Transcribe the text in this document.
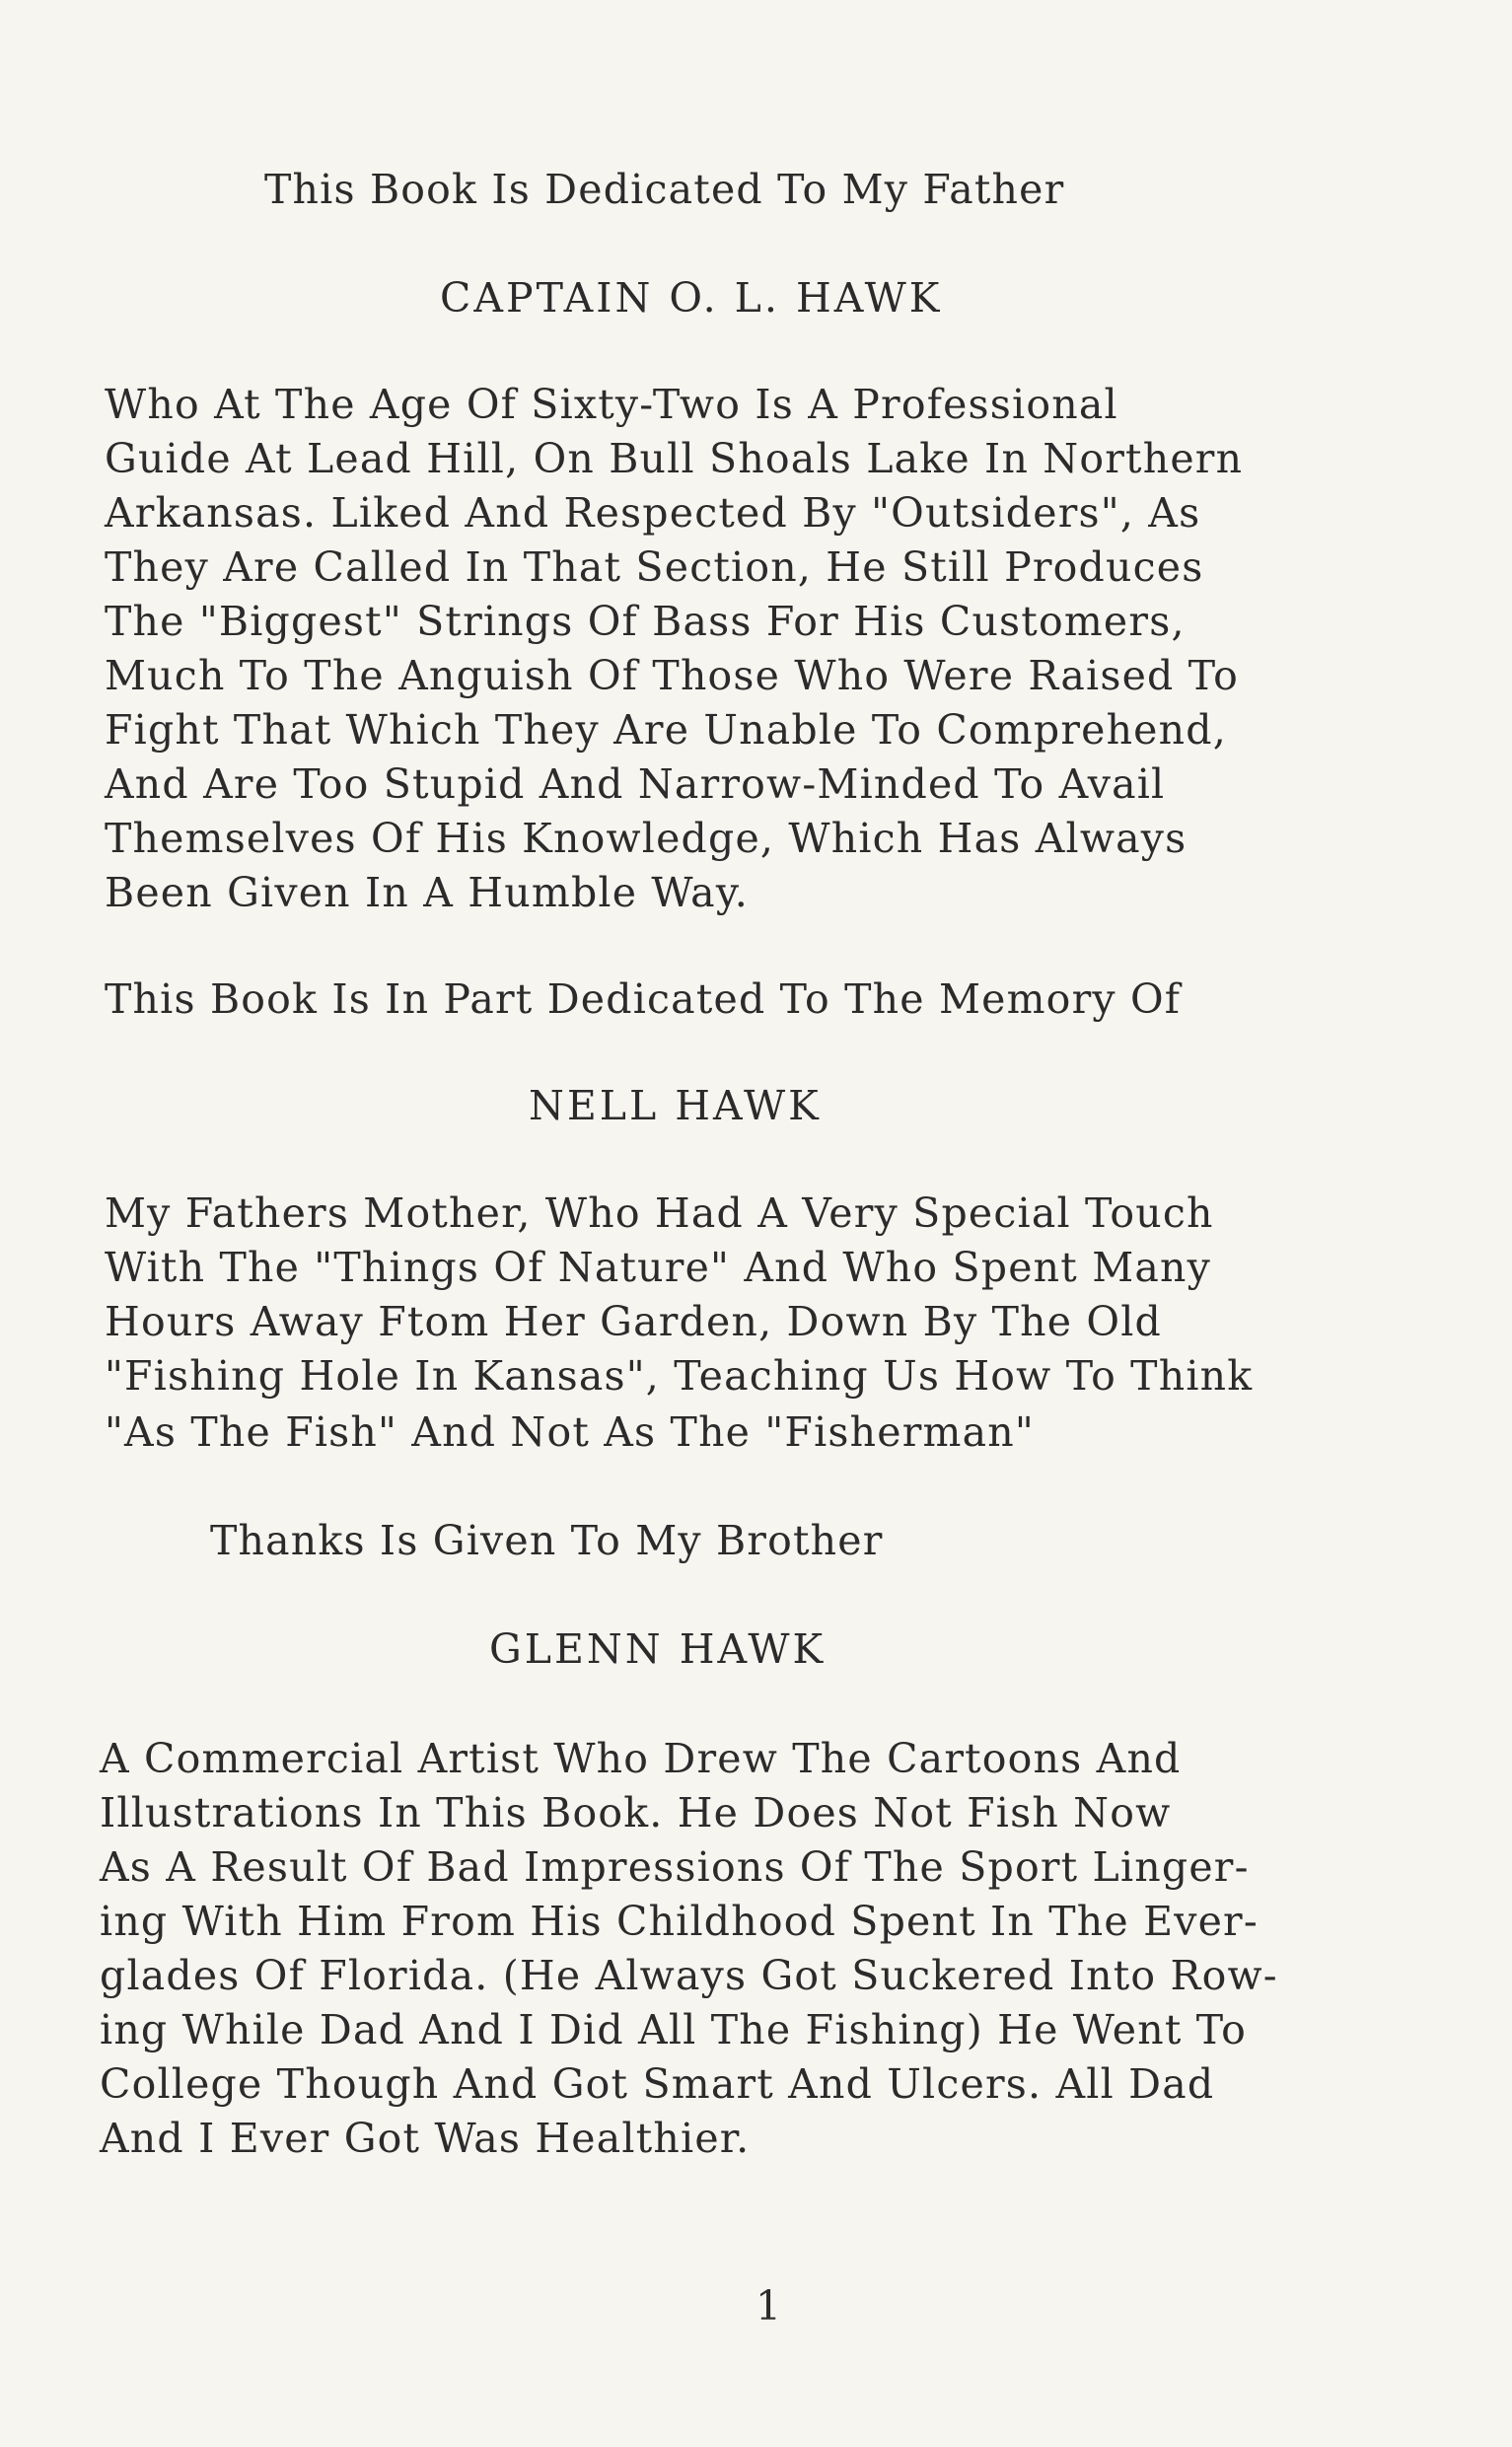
This Book Is Dedicated To My Father
CAPTAIN O. L. HAWK
Who At The Age Of Sixty-Two Is A Professional
Guide At Lead Hill, On Bull Shoals Lake In Northern
Arkansas. Liked And Respected By "Outsiders", As
They Are Called In That Section, He Still Produces
The "Biggest" Strings Of Bass For His Customers,
Much To The Anguish Of Those Who Were Raised To
Fight That Which They Are Unable To Comprehend,
And Are Too Stupid And Narrow-Minded To Avail
Themselves Of His Knowledge, Which Has Always
Been Given In A Humble Way.
This Book Is In Part Dedicated To The Memory Of
NELL HAWK
My Fathers Mother, Who Had A Very Special Touch
With The "Things Of Nature" And Who Spent Many
Hours Away Ftom Her Garden, Down By The Old
"Fishing Hole In Kansas", Teaching Us How To Think
"As The Fish" And Not As The "Fisherman"
Thanks Is Given To My Brother
GLENN HAWK
A Commercial Artist Who Drew The Cartoons And
Illustrations In This Book. He Does Not Fish Now
As A Result Of Bad Impressions Of The Sport Linger-
ing With Him From His Childhood Spent In The Ever-
glades Of Florida. (He Always Got Suckered Into Row-
ing While Dad And I Did All The Fishing) He Went To
College Though And Got Smart And Ulcers. All Dad
And I Ever Got Was Healthier.
1
